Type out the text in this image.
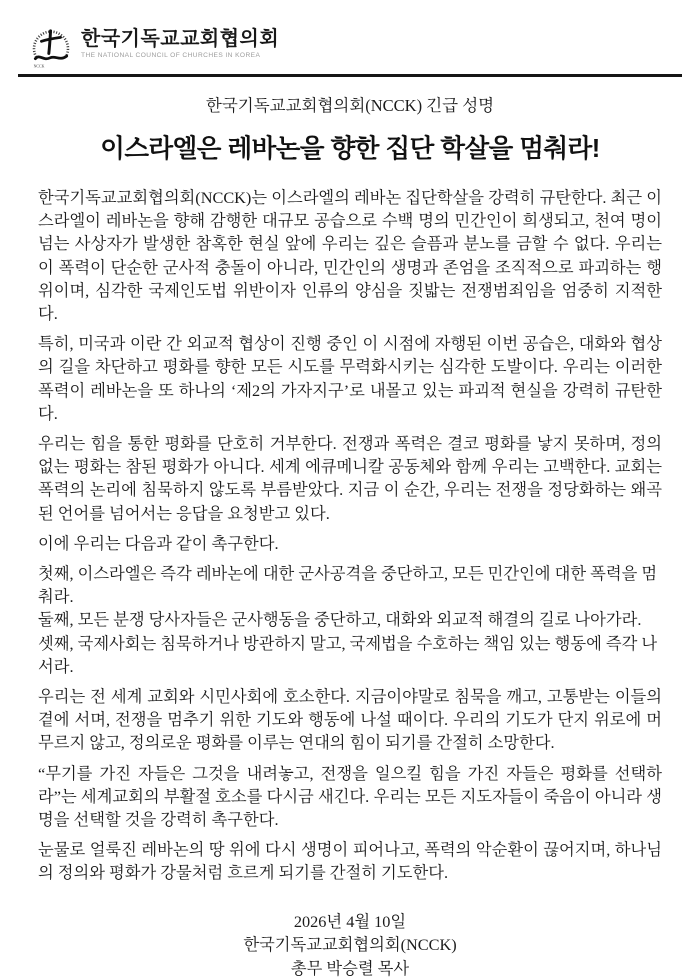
NCCK
한국기독교교회협의회
THE NATIONAL COUNCIL OF CHURCHES IN KOREA

한국기독교교회협의회(NCCK) 긴급 성명

이스라엘은 레바논을 향한 집단 학살을 멈춰라!

한국기독교교회협의회(NCCK)는 이스라엘의 레바논 집단학살을 강력히 규탄한다. 최근 이스라엘이 레바논을 향해 감행한 대규모 공습으로 수백 명의 민간인이 희생되고, 천여 명이 넘는 사상자가 발생한 참혹한 현실 앞에 우리는 깊은 슬픔과 분노를 금할 수 없다. 우리는 이 폭력이 단순한 군사적 충돌이 아니라, 민간인의 생명과 존엄을 조직적으로 파괴하는 행위이며, 심각한 국제인도법 위반이자 인류의 양심을 짓밟는 전쟁범죄임을 엄중히 지적한다.

특히, 미국과 이란 간 외교적 협상이 진행 중인 이 시점에 자행된 이번 공습은, 대화와 협상의 길을 차단하고 평화를 향한 모든 시도를 무력화시키는 심각한 도발이다. 우리는 이러한 폭력이 레바논을 또 하나의 ‘제2의 가자지구’로 내몰고 있는 파괴적 현실을 강력히 규탄한다.

우리는 힘을 통한 평화를 단호히 거부한다. 전쟁과 폭력은 결코 평화를 낳지 못하며, 정의 없는 평화는 참된 평화가 아니다. 세계 에큐메니칼 공동체와 함께 우리는 고백한다. 교회는 폭력의 논리에 침묵하지 않도록 부름받았다. 지금 이 순간, 우리는 전쟁을 정당화하는 왜곡된 언어를 넘어서는 응답을 요청받고 있다.

이에 우리는 다음과 같이 촉구한다.

첫째, 이스라엘은 즉각 레바논에 대한 군사공격을 중단하고, 모든 민간인에 대한 폭력을 멈춰라.
둘째, 모든 분쟁 당사자들은 군사행동을 중단하고, 대화와 외교적 해결의 길로 나아가라.
셋째, 국제사회는 침묵하거나 방관하지 말고, 국제법을 수호하는 책임 있는 행동에 즉각 나서라.

우리는 전 세계 교회와 시민사회에 호소한다. 지금이야말로 침묵을 깨고, 고통받는 이들의 곁에 서며, 전쟁을 멈추기 위한 기도와 행동에 나설 때이다. 우리의 기도가 단지 위로에 머무르지 않고, 정의로운 평화를 이루는 연대의 힘이 되기를 간절히 소망한다.

“무기를 가진 자들은 그것을 내려놓고, 전쟁을 일으킬 힘을 가진 자들은 평화를 선택하라”는 세계교회의 부활절 호소를 다시금 새긴다. 우리는 모든 지도자들이 죽음이 아니라 생명을 선택할 것을 강력히 촉구한다.

눈물로 얼룩진 레바논의 땅 위에 다시 생명이 피어나고, 폭력의 악순환이 끊어지며, 하나님의 정의와 평화가 강물처럼 흐르게 되기를 간절히 기도한다.

2026년 4월 10일
한국기독교교회협의회(NCCK)
총무 박승렬 목사
